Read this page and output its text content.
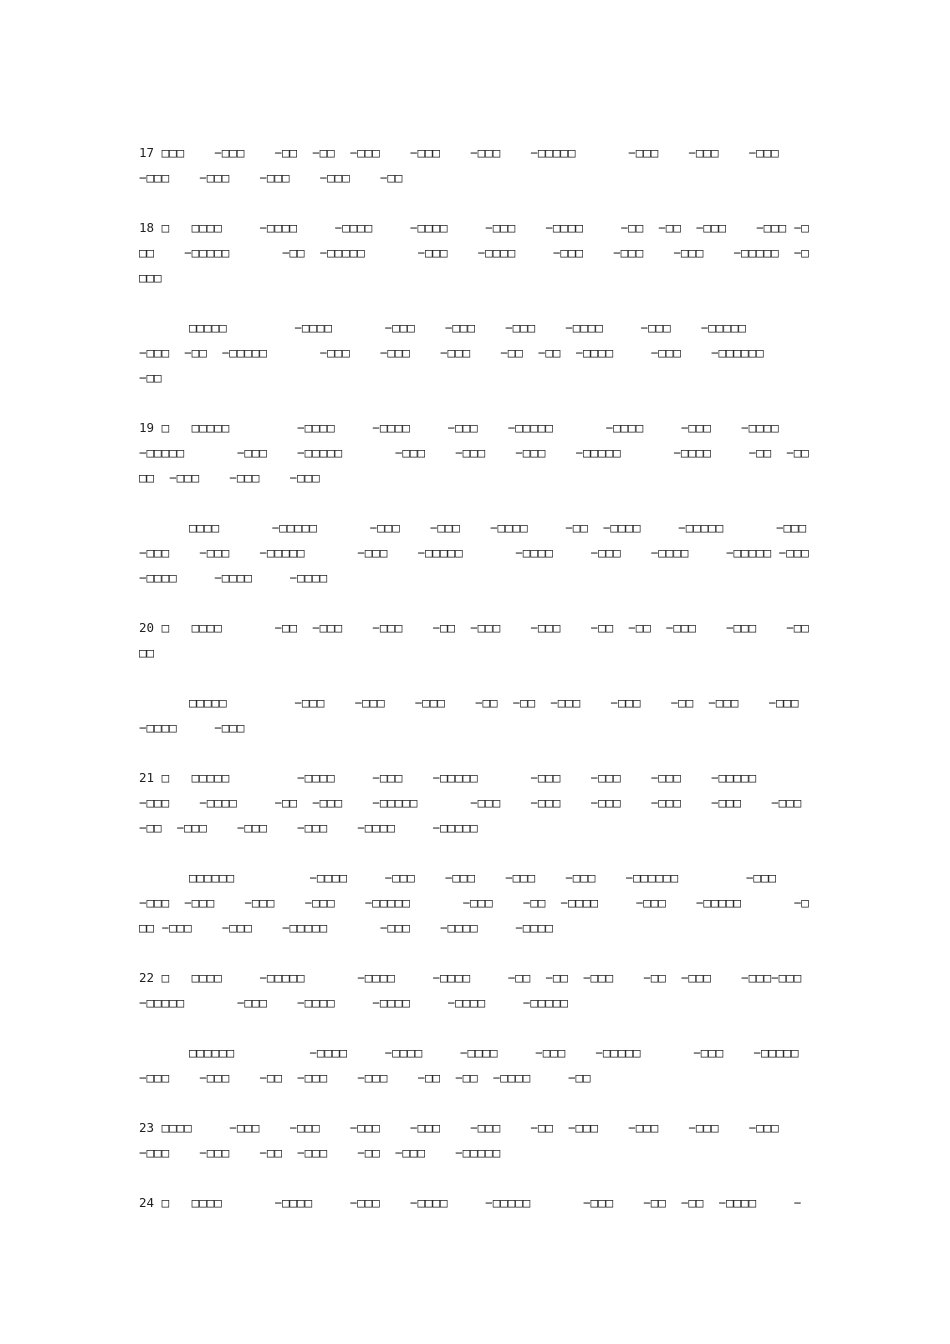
17 □□□    −□□□    −□□  −□□  −□□□    −□□□    −□□□    −□□□□□       −□□□    −□□□    −□□□    −□□□    −□□□    −□□□    −□□□    −□□

18 □   □□□□     −□□□□     −□□□□     −□□□□     −□□□    −□□□□     −□□  −□□  −□□□    −□□□ −□□□    −□□□□□       −□□  −□□□□□       −□□□    −□□□□     −□□□    −□□□    −□□□    −□□□□□  −□□□□

□□□□□         −□□□□       −□□□    −□□□    −□□□    −□□□□     −□□□    −□□□□□       −□□□  −□□  −□□□□□       −□□□    −□□□    −□□□    −□□  −□□  −□□□□     −□□□    −□□□□□□        −□□

19 □   □□□□□         −□□□□     −□□□□     −□□□    −□□□□□       −□□□□     −□□□    −□□□□    −□□□□□       −□□□    −□□□□□       −□□□    −□□□    −□□□    −□□□□□       −□□□□     −□□  −□□□□  −□□□    −□□□    −□□□

□□□□       −□□□□□       −□□□    −□□□    −□□□□     −□□  −□□□□     −□□□□□       −□□□ −□□□    −□□□    −□□□□□       −□□□    −□□□□□       −□□□□     −□□□    −□□□□     −□□□□□ −□□□    −□□□□     −□□□□     −□□□□

20 □   □□□□       −□□  −□□□    −□□□    −□□  −□□□    −□□□    −□□  −□□  −□□□    −□□□    −□□□□

□□□□□         −□□□    −□□□    −□□□    −□□  −□□  −□□□    −□□□    −□□  −□□□    −□□□ −□□□□     −□□□

21 □   □□□□□         −□□□□     −□□□    −□□□□□       −□□□    −□□□    −□□□    −□□□□□       −□□□    −□□□□     −□□  −□□□    −□□□□□       −□□□    −□□□    −□□□    −□□□    −□□□    −□□□−□□  −□□□    −□□□    −□□□    −□□□□     −□□□□□

□□□□□□          −□□□□     −□□□    −□□□    −□□□    −□□□    −□□□□□□         −□□□    −□□□  −□□□    −□□□    −□□□    −□□□□□       −□□□    −□□  −□□□□     −□□□    −□□□□□       −□□□ −□□□    −□□□    −□□□□□       −□□□    −□□□□     −□□□□

22 □   □□□□     −□□□□□       −□□□□     −□□□□     −□□  −□□  −□□□    −□□  −□□□    −□□□−□□□    −□□□□□       −□□□    −□□□□     −□□□□     −□□□□     −□□□□□

□□□□□□          −□□□□     −□□□□     −□□□□     −□□□    −□□□□□       −□□□    −□□□□□  −□□□    −□□□    −□□  −□□□    −□□□    −□□  −□□  −□□□□     −□□

23 □□□□     −□□□    −□□□    −□□□    −□□□    −□□□    −□□  −□□□    −□□□    −□□□    −□□□    −□□□    −□□□    −□□  −□□□    −□□  −□□□    −□□□□□

24 □   □□□□       −□□□□     −□□□    −□□□□     −□□□□□       −□□□    −□□  −□□  −□□□□     −
